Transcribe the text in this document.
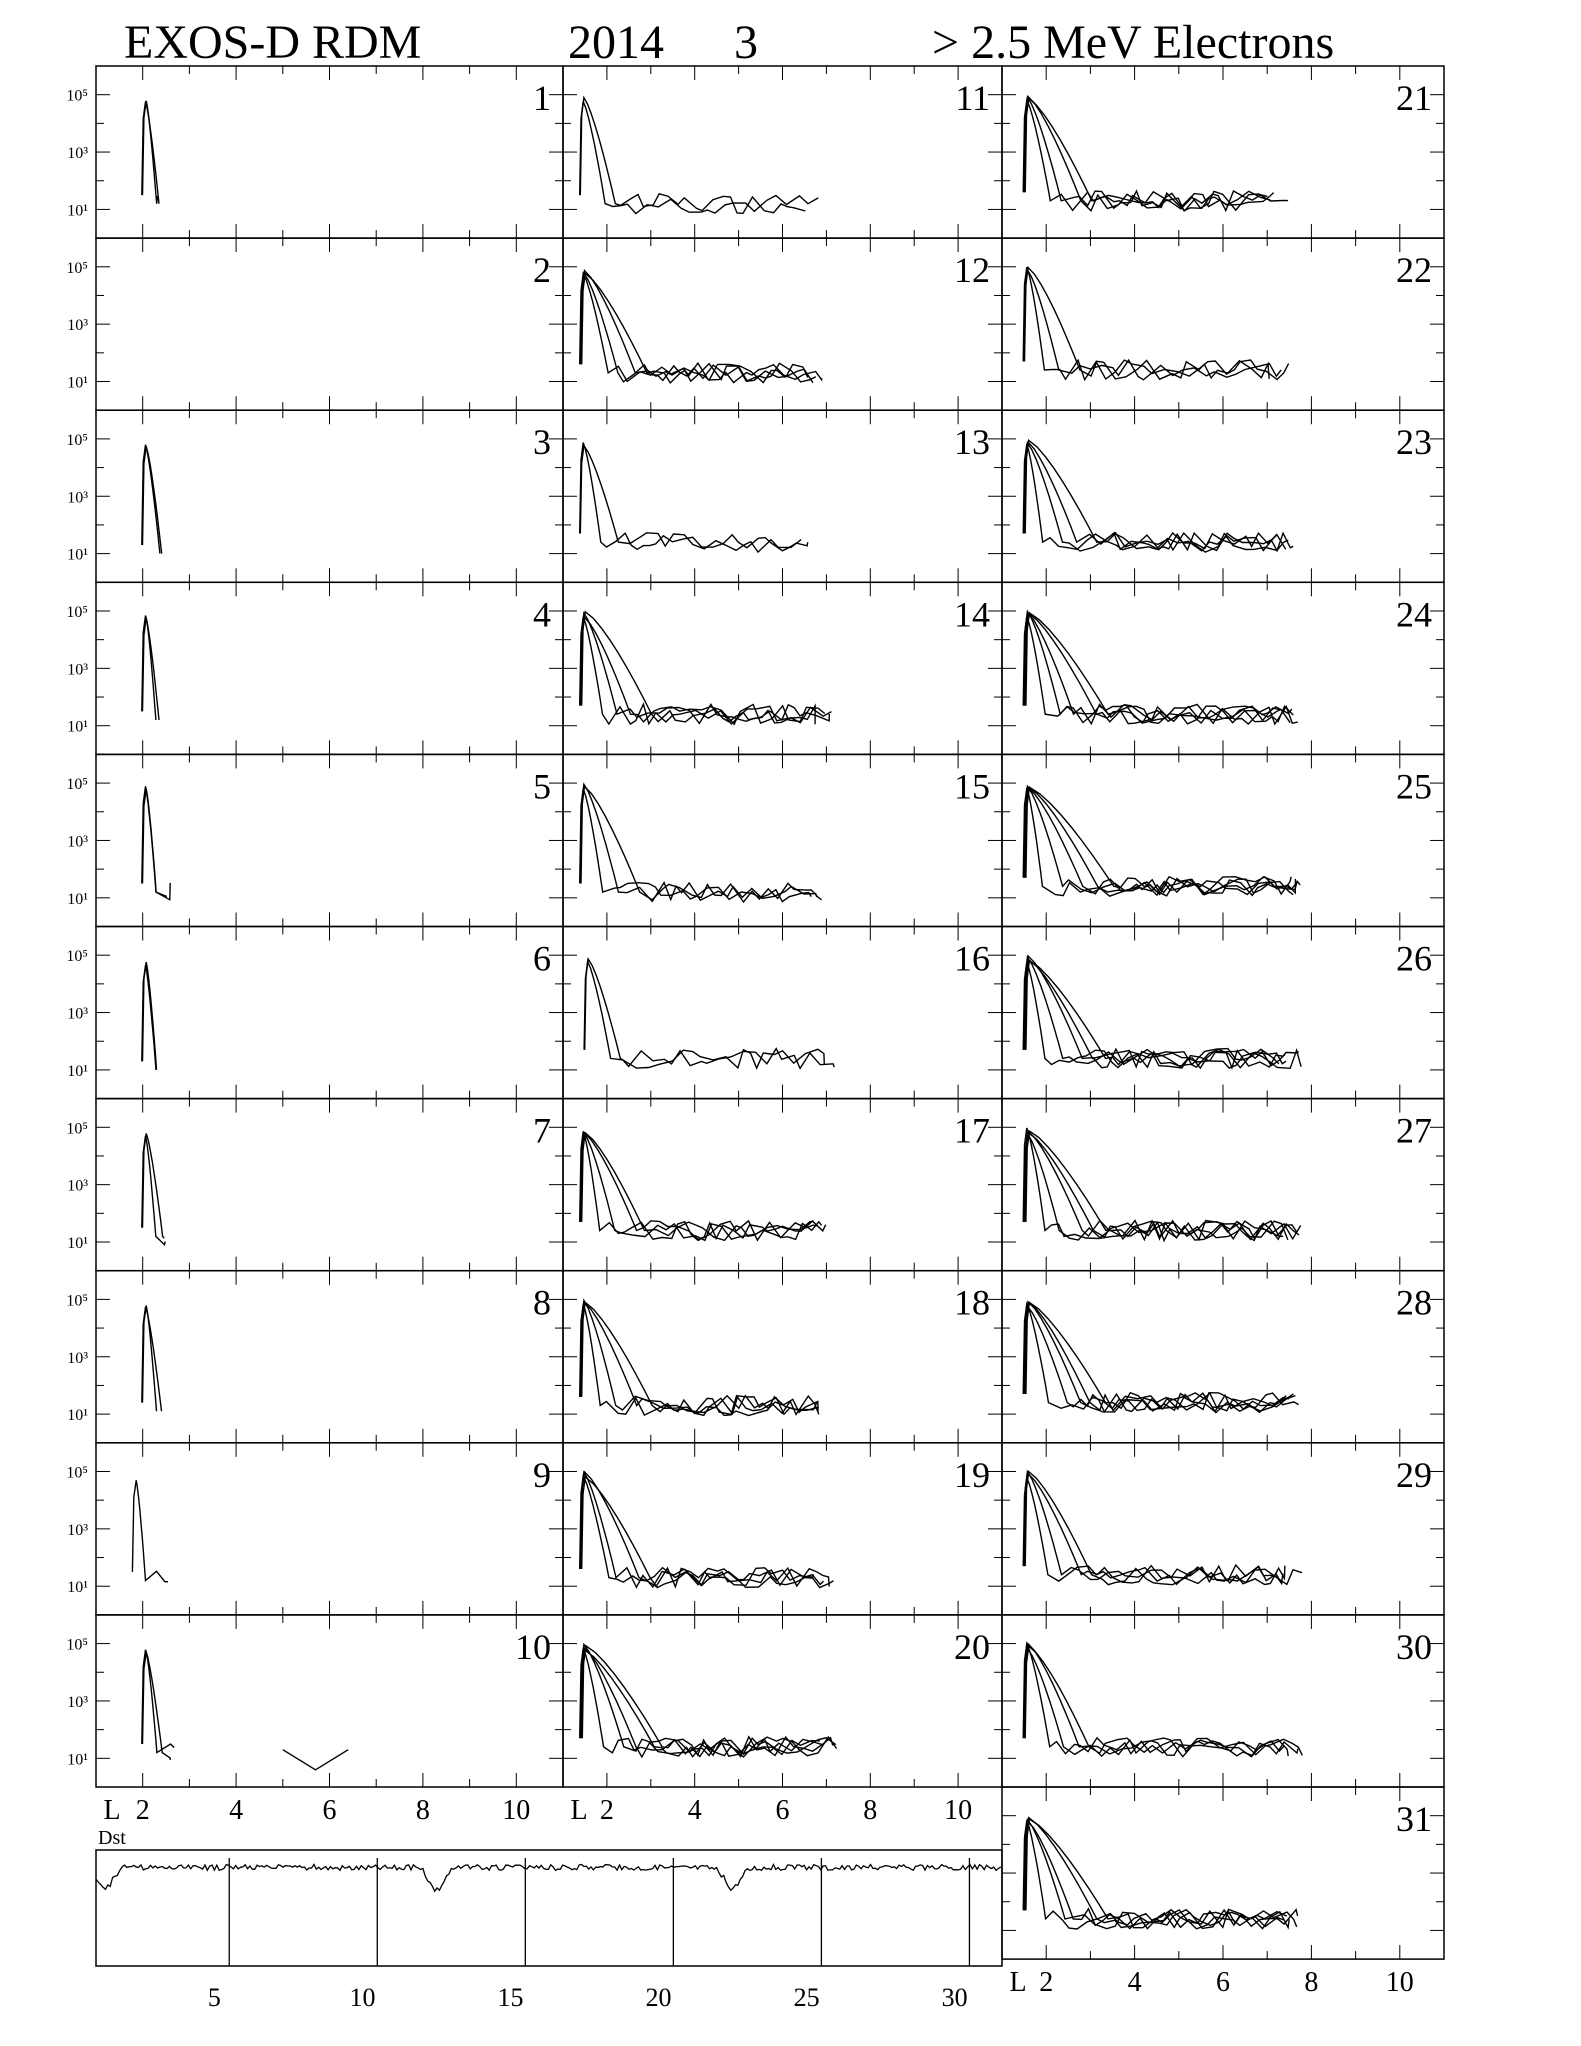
EXOS-D RDM	2014 3	> 2.5 MeV Electrons
10¹
10³
10⁵	1
10¹
10³
10⁵	2
10¹
10³
10⁵	3
10¹
10³
10⁵	4
10¹
10³
10⁵	5
10¹
10³
10⁵	6
10¹
10³
10⁵	7
10¹
10³
10⁵	8
10¹
10³
10⁵	9
10¹
10³
10⁵	10
11
12
13
14
15
16
17
18
19
20
21
22
23
24
25
26
27
28
29
30
31
L 2	4	6	8	10 L 2	4	6	8 10
L 2	4	6	8 10
Dst
5	10	15	20	25	30
